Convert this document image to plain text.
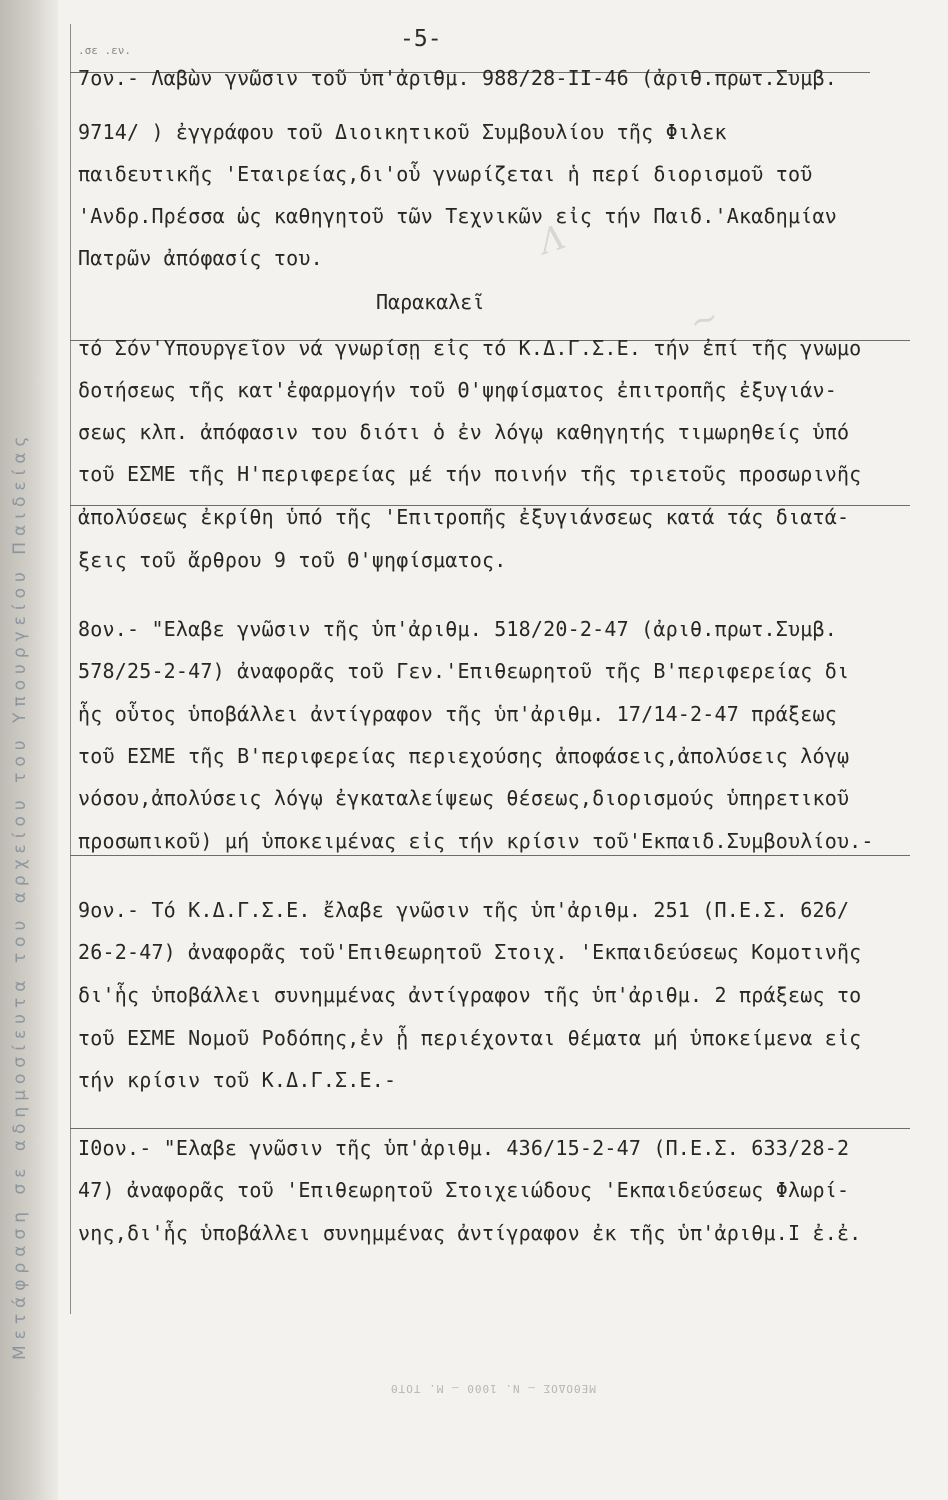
Μετάφραση σε αδημοσίευτα του αρχείου του Υπουργείου Παιδείας
.σε .εν.	-5-
Λ
~
7ον.- Λαβὼν γνῶσιν τοῦ ὑπ'ἀριθμ. 988/28-ΙΙ-46 (ἀριθ.πρωτ.Συμβ.
9714/ ) ἐγγράφου τοῦ Διοικητικοῦ Συμβουλίου τῆς Φιλεκ
παιδευτικῆς 'Εταιρείας,δι'οὗ γνωρίζεται ἡ περί διορισμοῦ τοῦ
'Ανδρ.Πρέσσα ὡς καθηγητοῦ τῶν Τεχνικῶν εἰς τήν Παιδ.'Ακαδημίαν
Πατρῶν ἀπόφασίς του.
Παρακαλεῖ
τό Σόν'Υπουργεῖον νά γνωρίσῃ εἰς τό Κ.Δ.Γ.Σ.Ε. τήν ἐπί τῆς γνωμο
δοτήσεως τῆς κατ'ἐφαρμογήν τοῦ Θ'ψηφίσματος ἐπιτροπῆς ἐξυγιάν-
σεως κλπ. ἀπόφασιν του διότι ὁ ἐν λόγῳ καθηγητής τιμωρηθείς ὑπό
τοῦ ΕΣΜΕ τῆς Η'περιφερείας μέ τήν ποινήν τῆς τριετοῦς προσωρινῆς
ἀπολύσεως ἐκρίθη ὑπό τῆς 'Επιτροπῆς ἐξυγιάνσεως κατά τάς διατά-
ξεις τοῦ ἄρθρου 9 τοῦ Θ'ψηφίσματος.
8ον.- "Ελαβε γνῶσιν τῆς ὑπ'ἀριθμ. 518/20-2-47 (ἀριθ.πρωτ.Συμβ.
578/25-2-47) ἀναφορᾶς τοῦ Γεν.'Επιθεωρητοῦ τῆς Β'περιφερείας δι
ἧς οὗτος ὑποβάλλει ἀντίγραφον τῆς ὑπ'ἀριθμ. 17/14-2-47 πράξεως
τοῦ ΕΣΜΕ τῆς Β'περιφερείας περιεχούσης ἀποφάσεις,ἀπολύσεις λόγῳ
νόσου,ἀπολύσεις λόγῳ ἐγκαταλείψεως θέσεως,διορισμούς ὑπηρετικοῦ
προσωπικοῦ) μή ὑποκειμένας εἰς τήν κρίσιν τοῦ'Εκπαιδ.Συμβουλίου.-
9ον.- Τό Κ.Δ.Γ.Σ.Ε. ἔλαβε γνῶσιν τῆς ὑπ'ἀριθμ. 251 (Π.Ε.Σ. 626/
26-2-47) ἀναφορᾶς τοῦ'Επιθεωρητοῦ Στοιχ. 'Εκπαιδεύσεως Κομοτινῆς
δι'ἧς ὑποβάλλει συνημμένας ἀντίγραφον τῆς ὑπ'ἀριθμ. 2 πράξεως το
τοῦ ΕΣΜΕ Νομοῦ Ροδόπης,ἐν ᾗ περιέχονται θέματα μή ὑποκείμενα εἰς
τήν κρίσιν τοῦ Κ.Δ.Γ.Σ.Ε.-
Ι0ον.- "Ελαβε γνῶσιν τῆς ὑπ'ἀριθμ. 436/15-2-47 (Π.Ε.Σ. 633/28-2
47) ἀναφορᾶς τοῦ 'Επιθεωρητοῦ Στοιχειώδους 'Εκπαιδεύσεως Φλωρί-
νης,δι'ἧς ὑποβάλλει συνημμένας ἀντίγραφον ἐκ τῆς ὑπ'ἀριθμ.Ι ἐ.ἐ.
ΜΕΘΟΔΟΣ — Ν. 1000 — Μ. ΤΟΤΘ
